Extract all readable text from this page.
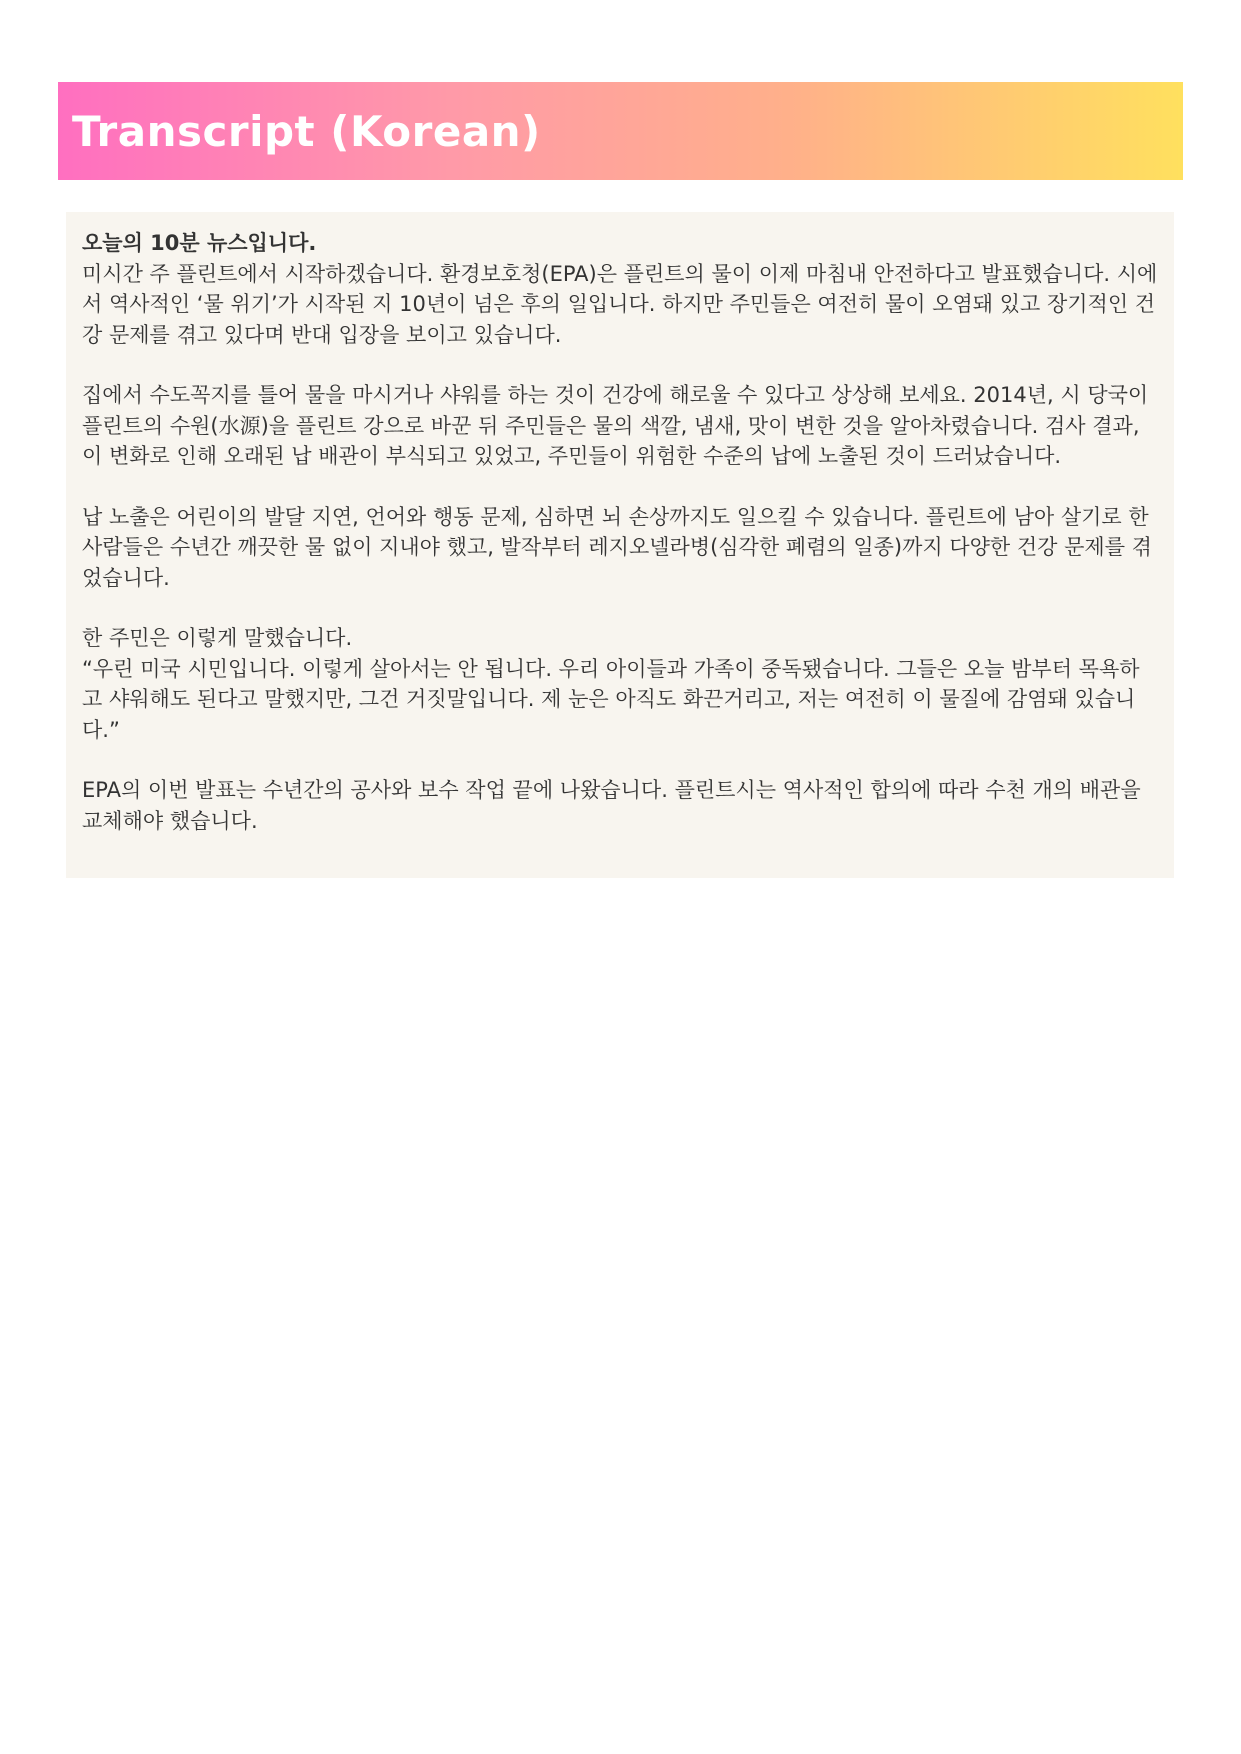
Transcript (Korean)

오늘의 10분 뉴스입니다.
미시간 주 플린트에서 시작하겠습니다. 환경보호청(EPA)은 플린트의 물이 이제 마침내 안전하다고 발표했습니다. 시에서 역사적인 ‘물 위기’가 시작된 지 10년이 넘은 후의 일입니다. 하지만 주민들은 여전히 물이 오염돼 있고 장기적인 건강 문제를 겪고 있다며 반대 입장을 보이고 있습니다.

집에서 수도꼭지를 틀어 물을 마시거나 샤워를 하는 것이 건강에 해로울 수 있다고 상상해 보세요. 2014년, 시 당국이 플린트의 수원(水源)을 플린트 강으로 바꾼 뒤 주민들은 물의 색깔, 냄새, 맛이 변한 것을 알아차렸습니다. 검사 결과, 이 변화로 인해 오래된 납 배관이 부식되고 있었고, 주민들이 위험한 수준의 납에 노출된 것이 드러났습니다.

납 노출은 어린이의 발달 지연, 언어와 행동 문제, 심하면 뇌 손상까지도 일으킬 수 있습니다. 플린트에 남아 살기로 한 사람들은 수년간 깨끗한 물 없이 지내야 했고, 발작부터 레지오넬라병(심각한 폐렴의 일종)까지 다양한 건강 문제를 겪었습니다.

한 주민은 이렇게 말했습니다.
“우린 미국 시민입니다. 이렇게 살아서는 안 됩니다. 우리 아이들과 가족이 중독됐습니다. 그들은 오늘 밤부터 목욕하고 샤워해도 된다고 말했지만, 그건 거짓말입니다. 제 눈은 아직도 화끈거리고, 저는 여전히 이 물질에 감염돼 있습니다.”

EPA의 이번 발표는 수년간의 공사와 보수 작업 끝에 나왔습니다. 플린트시는 역사적인 합의에 따라 수천 개의 배관을 교체해야 했습니다.
